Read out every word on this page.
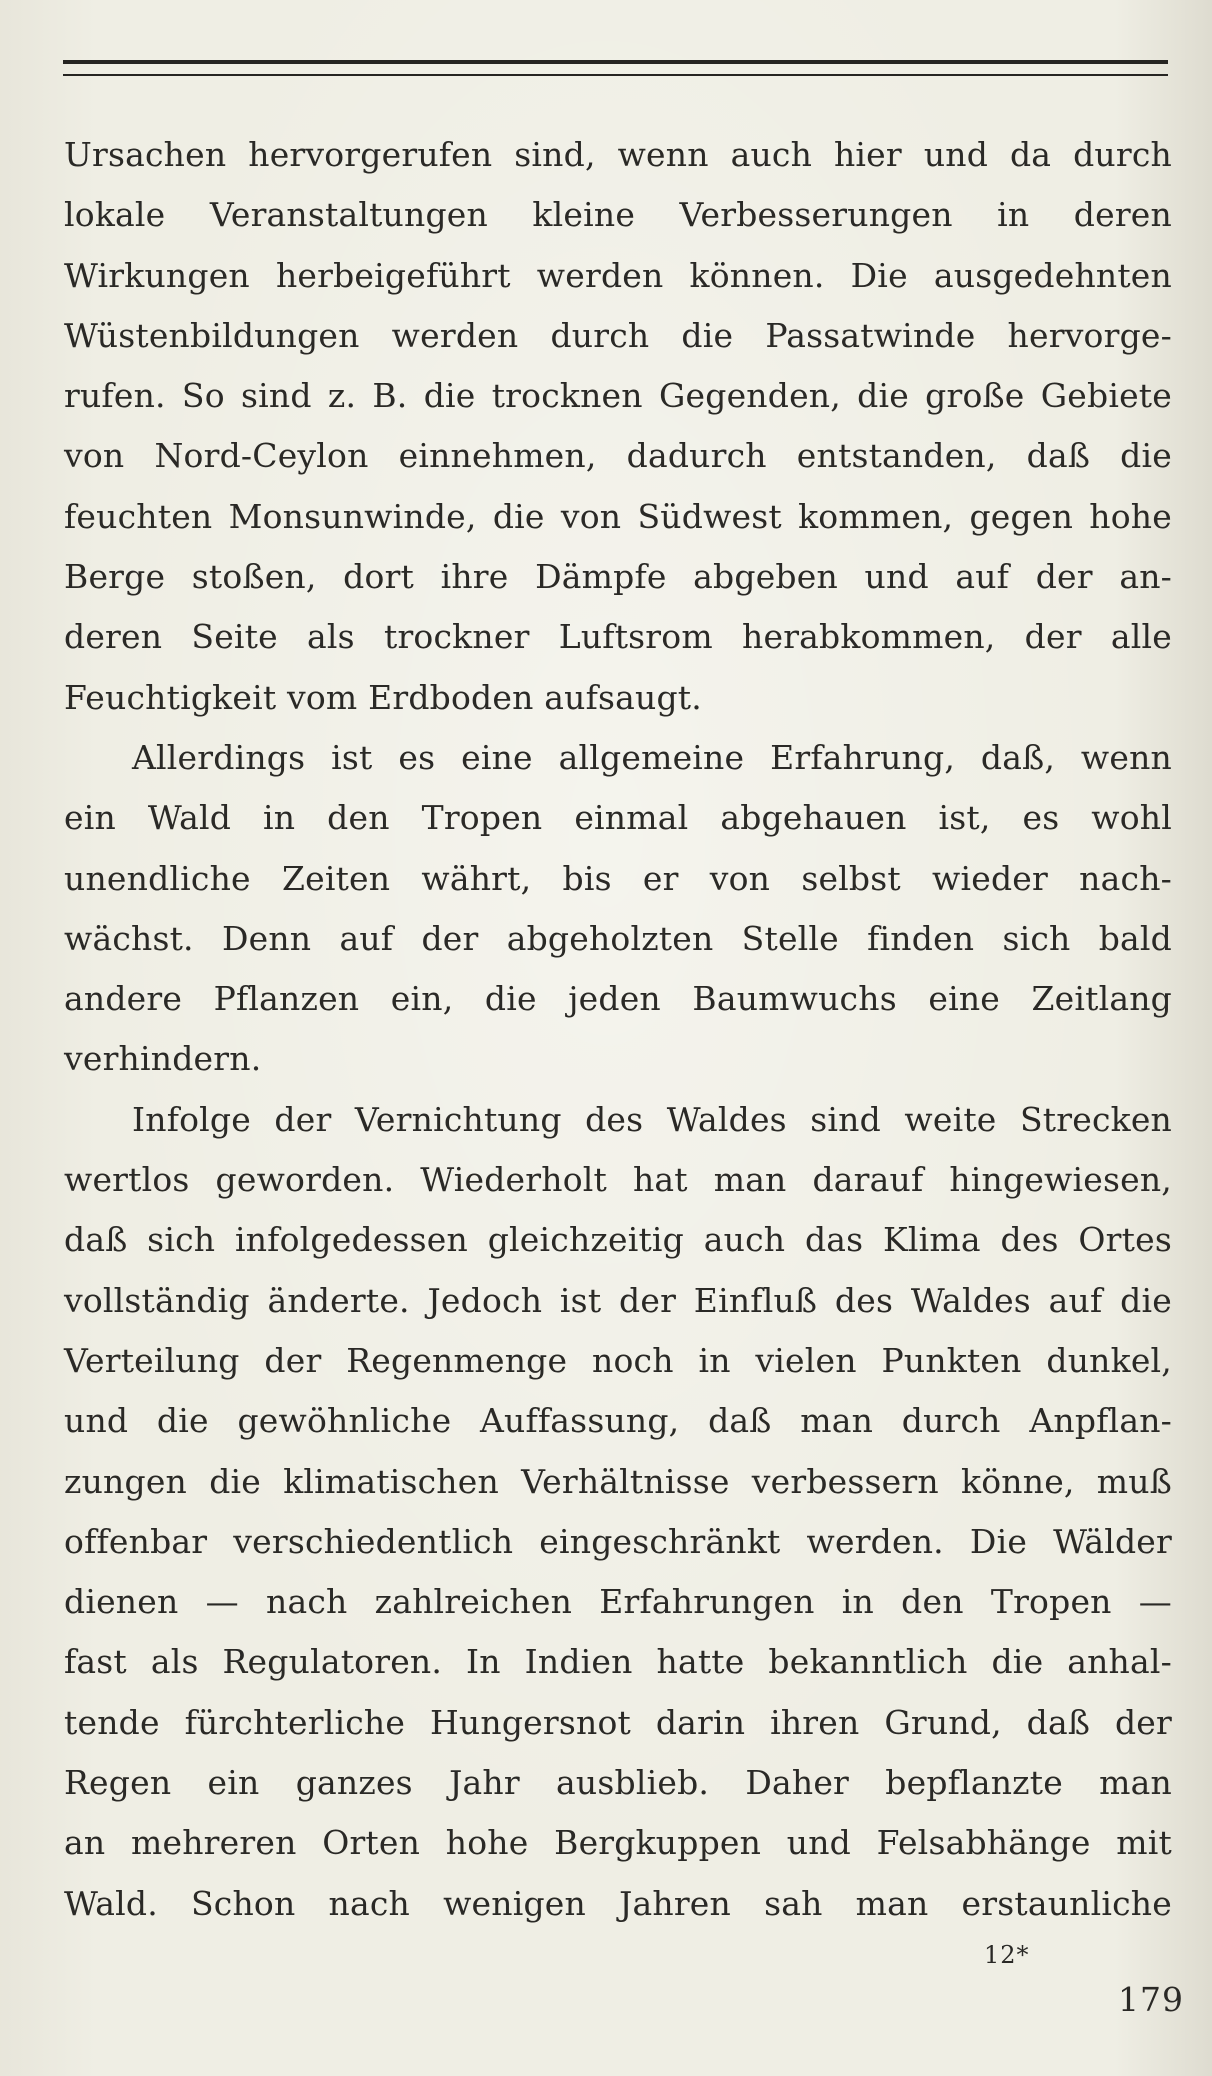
Ursachen hervorgerufen sind, wenn auch hier und da durch
lokale Veranstaltungen kleine Verbesserungen in deren
Wirkungen herbeigeführt werden können. Die ausgedehnten
Wüstenbildungen werden durch die Passatwinde hervorge-
rufen. So sind z. B. die trocknen Gegenden, die große Gebiete
von Nord-Ceylon einnehmen, dadurch entstanden, daß die
feuchten Monsunwinde, die von Südwest kommen, gegen hohe
Berge stoßen, dort ihre Dämpfe abgeben und auf der an-
deren Seite als trockner Luftsrom herabkommen, der alle
Feuchtigkeit vom Erdboden aufsaugt.
Allerdings ist es eine allgemeine Erfahrung, daß, wenn
ein Wald in den Tropen einmal abgehauen ist, es wohl
unendliche Zeiten währt, bis er von selbst wieder nach-
wächst. Denn auf der abgeholzten Stelle finden sich bald
andere Pflanzen ein, die jeden Baumwuchs eine Zeitlang
verhindern.
Infolge der Vernichtung des Waldes sind weite Strecken
wertlos geworden. Wiederholt hat man darauf hingewiesen,
daß sich infolgedessen gleichzeitig auch das Klima des Ortes
vollständig änderte. Jedoch ist der Einfluß des Waldes auf die
Verteilung der Regenmenge noch in vielen Punkten dunkel,
und die gewöhnliche Auffassung, daß man durch Anpflan-
zungen die klimatischen Verhältnisse verbessern könne, muß
offenbar verschiedentlich eingeschränkt werden. Die Wälder
dienen — nach zahlreichen Erfahrungen in den Tropen —
fast als Regulatoren. In Indien hatte bekanntlich die anhal-
tende fürchterliche Hungersnot darin ihren Grund, daß der
Regen ein ganzes Jahr ausblieb. Daher bepflanzte man
an mehreren Orten hohe Bergkuppen und Felsabhänge mit
Wald. Schon nach wenigen Jahren sah man erstaunliche
12*
179
